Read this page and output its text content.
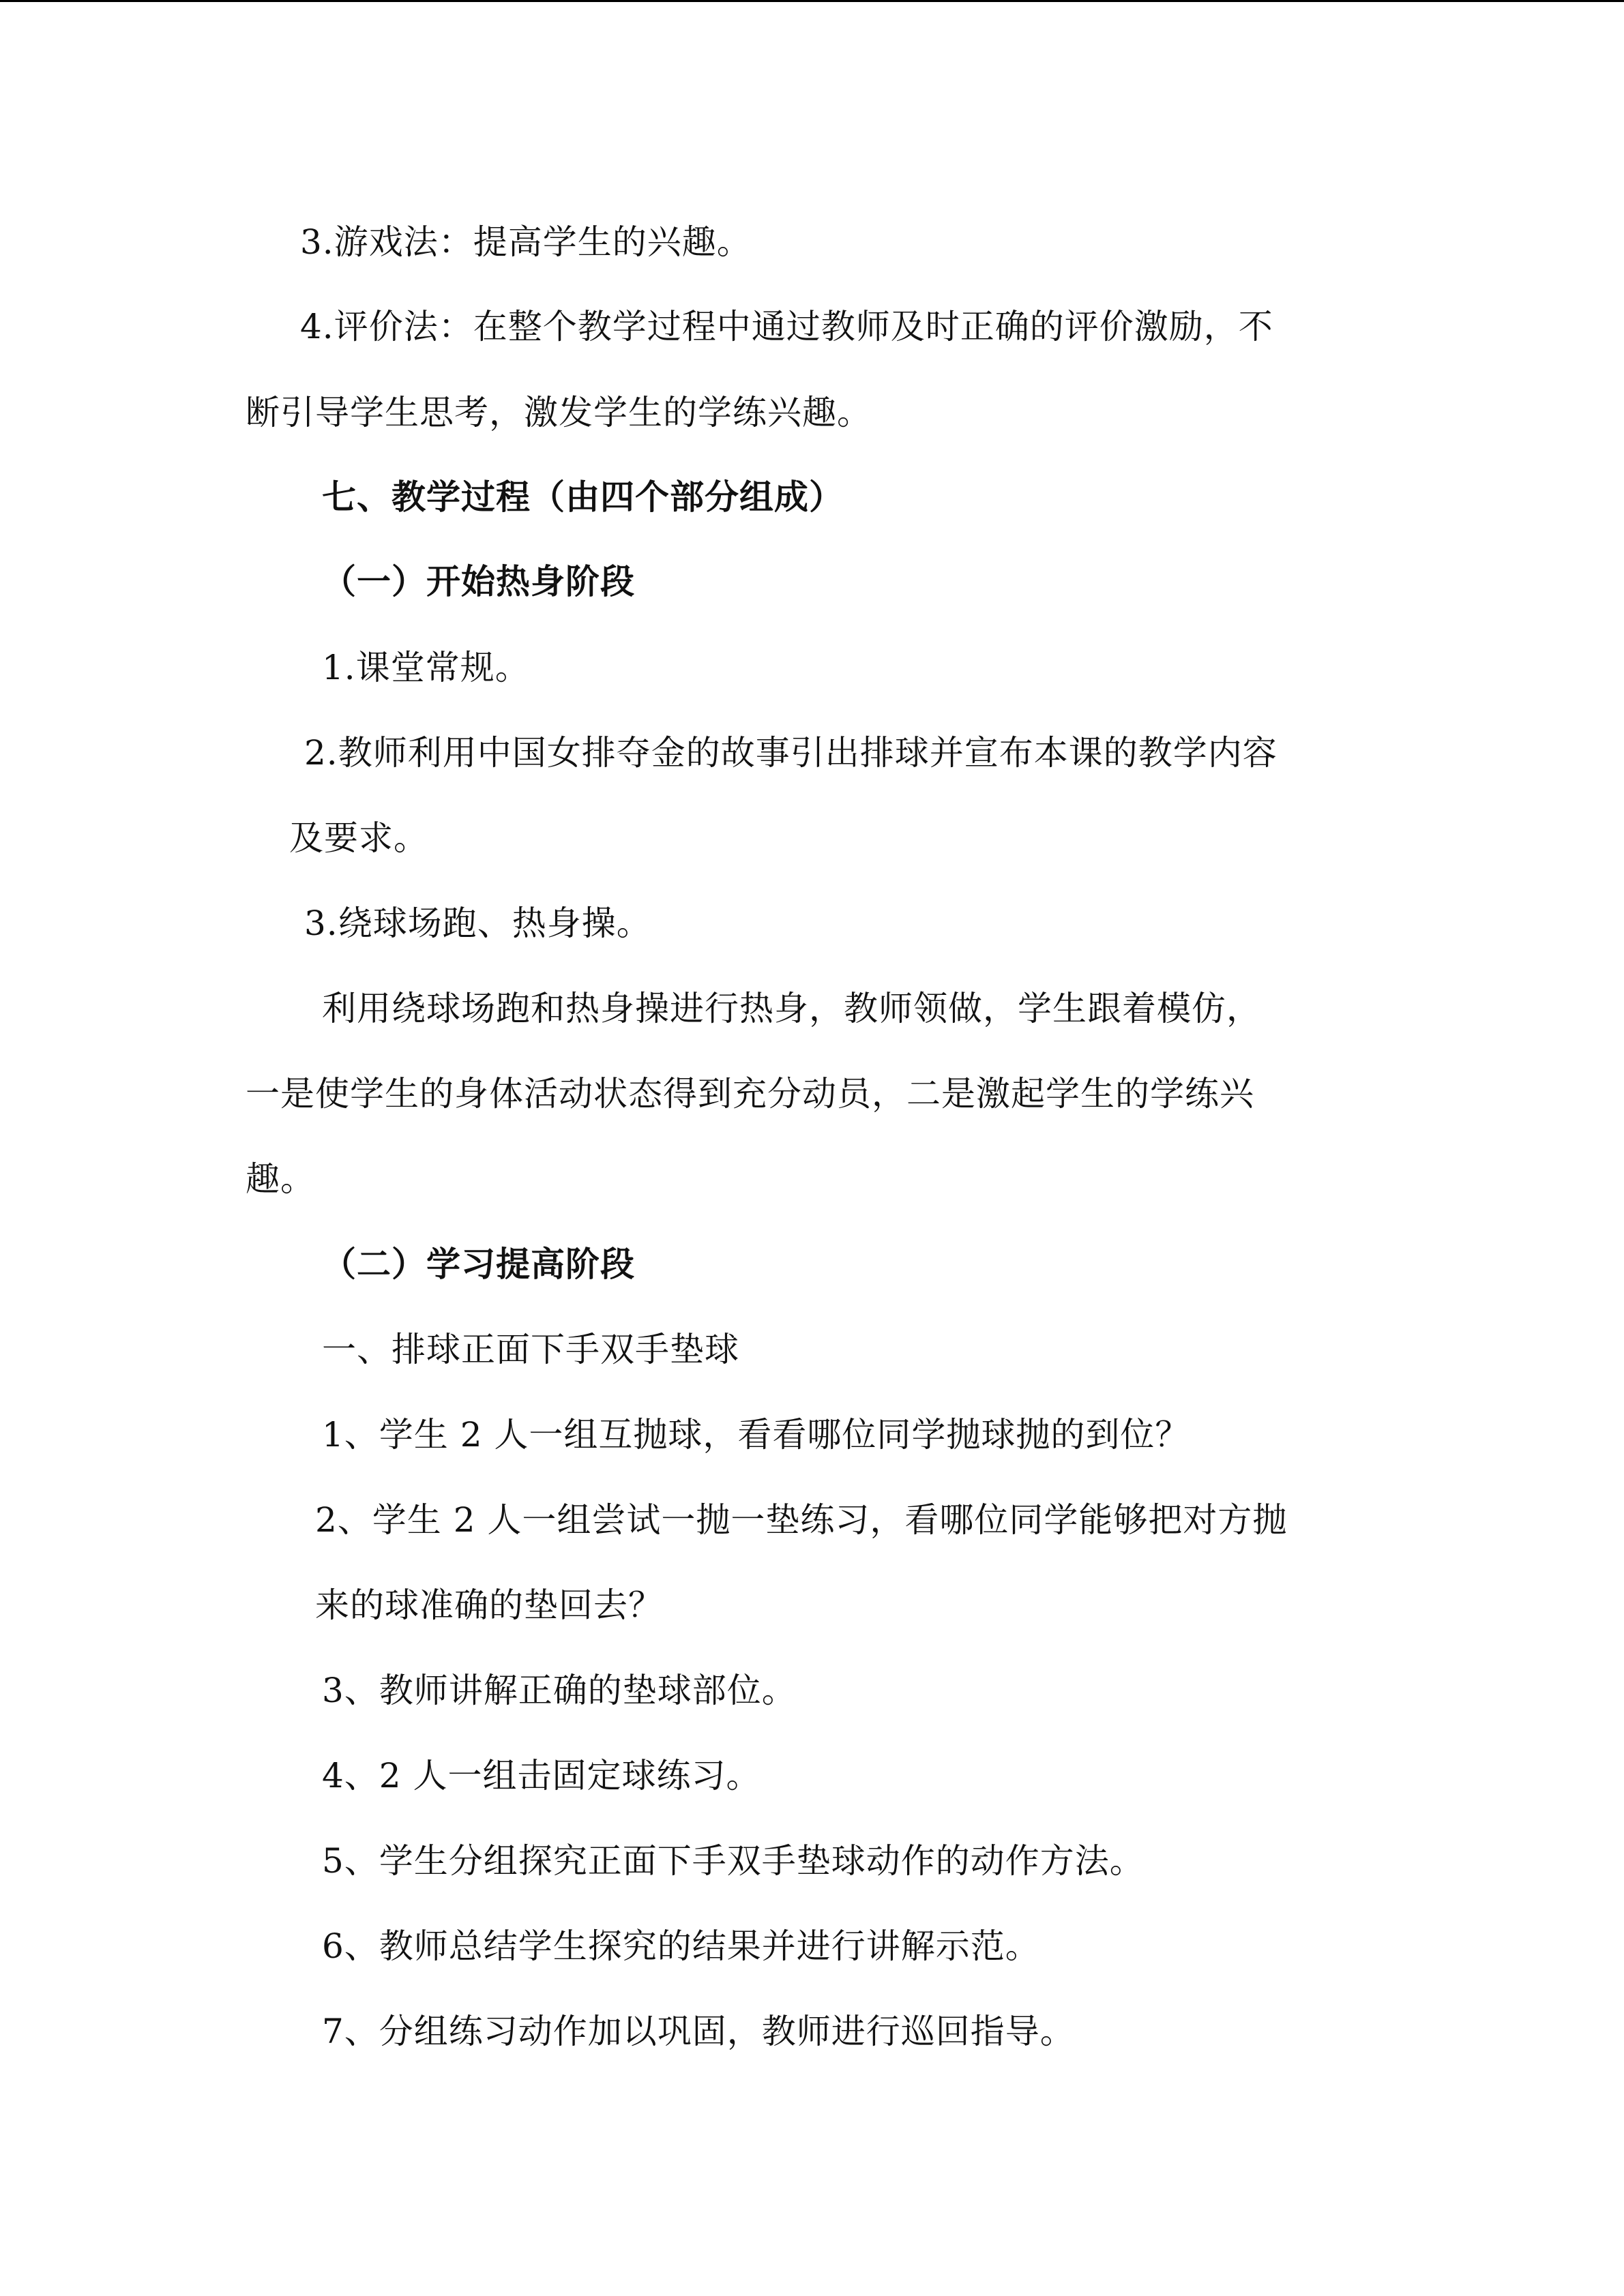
3.游戏法：提高学生的兴趣。
4.评价法：在整个教学过程中通过教师及时正确的评价激励，不
断引导学生思考，激发学生的学练兴趣。
七、教学过程（由四个部分组成）
（一）开始热身阶段
1.课堂常规。
2.教师利用中国女排夺金的故事引出排球并宣布本课的教学内容
及要求。
3.绕球场跑、热身操。
利用绕球场跑和热身操进行热身，教师领做，学生跟着模仿，
一是使学生的身体活动状态得到充分动员，二是激起学生的学练兴
趣。
（二）学习提高阶段
一、排球正面下手双手垫球
1、学生 2 人一组互抛球，看看哪位同学抛球抛的到位？
2、学生 2 人一组尝试一抛一垫练习，看哪位同学能够把对方抛
来的球准确的垫回去？
3、教师讲解正确的垫球部位。
4、2 人一组击固定球练习。
5、学生分组探究正面下手双手垫球动作的动作方法。
6、教师总结学生探究的结果并进行讲解示范。
7、分组练习动作加以巩固，教师进行巡回指导。
